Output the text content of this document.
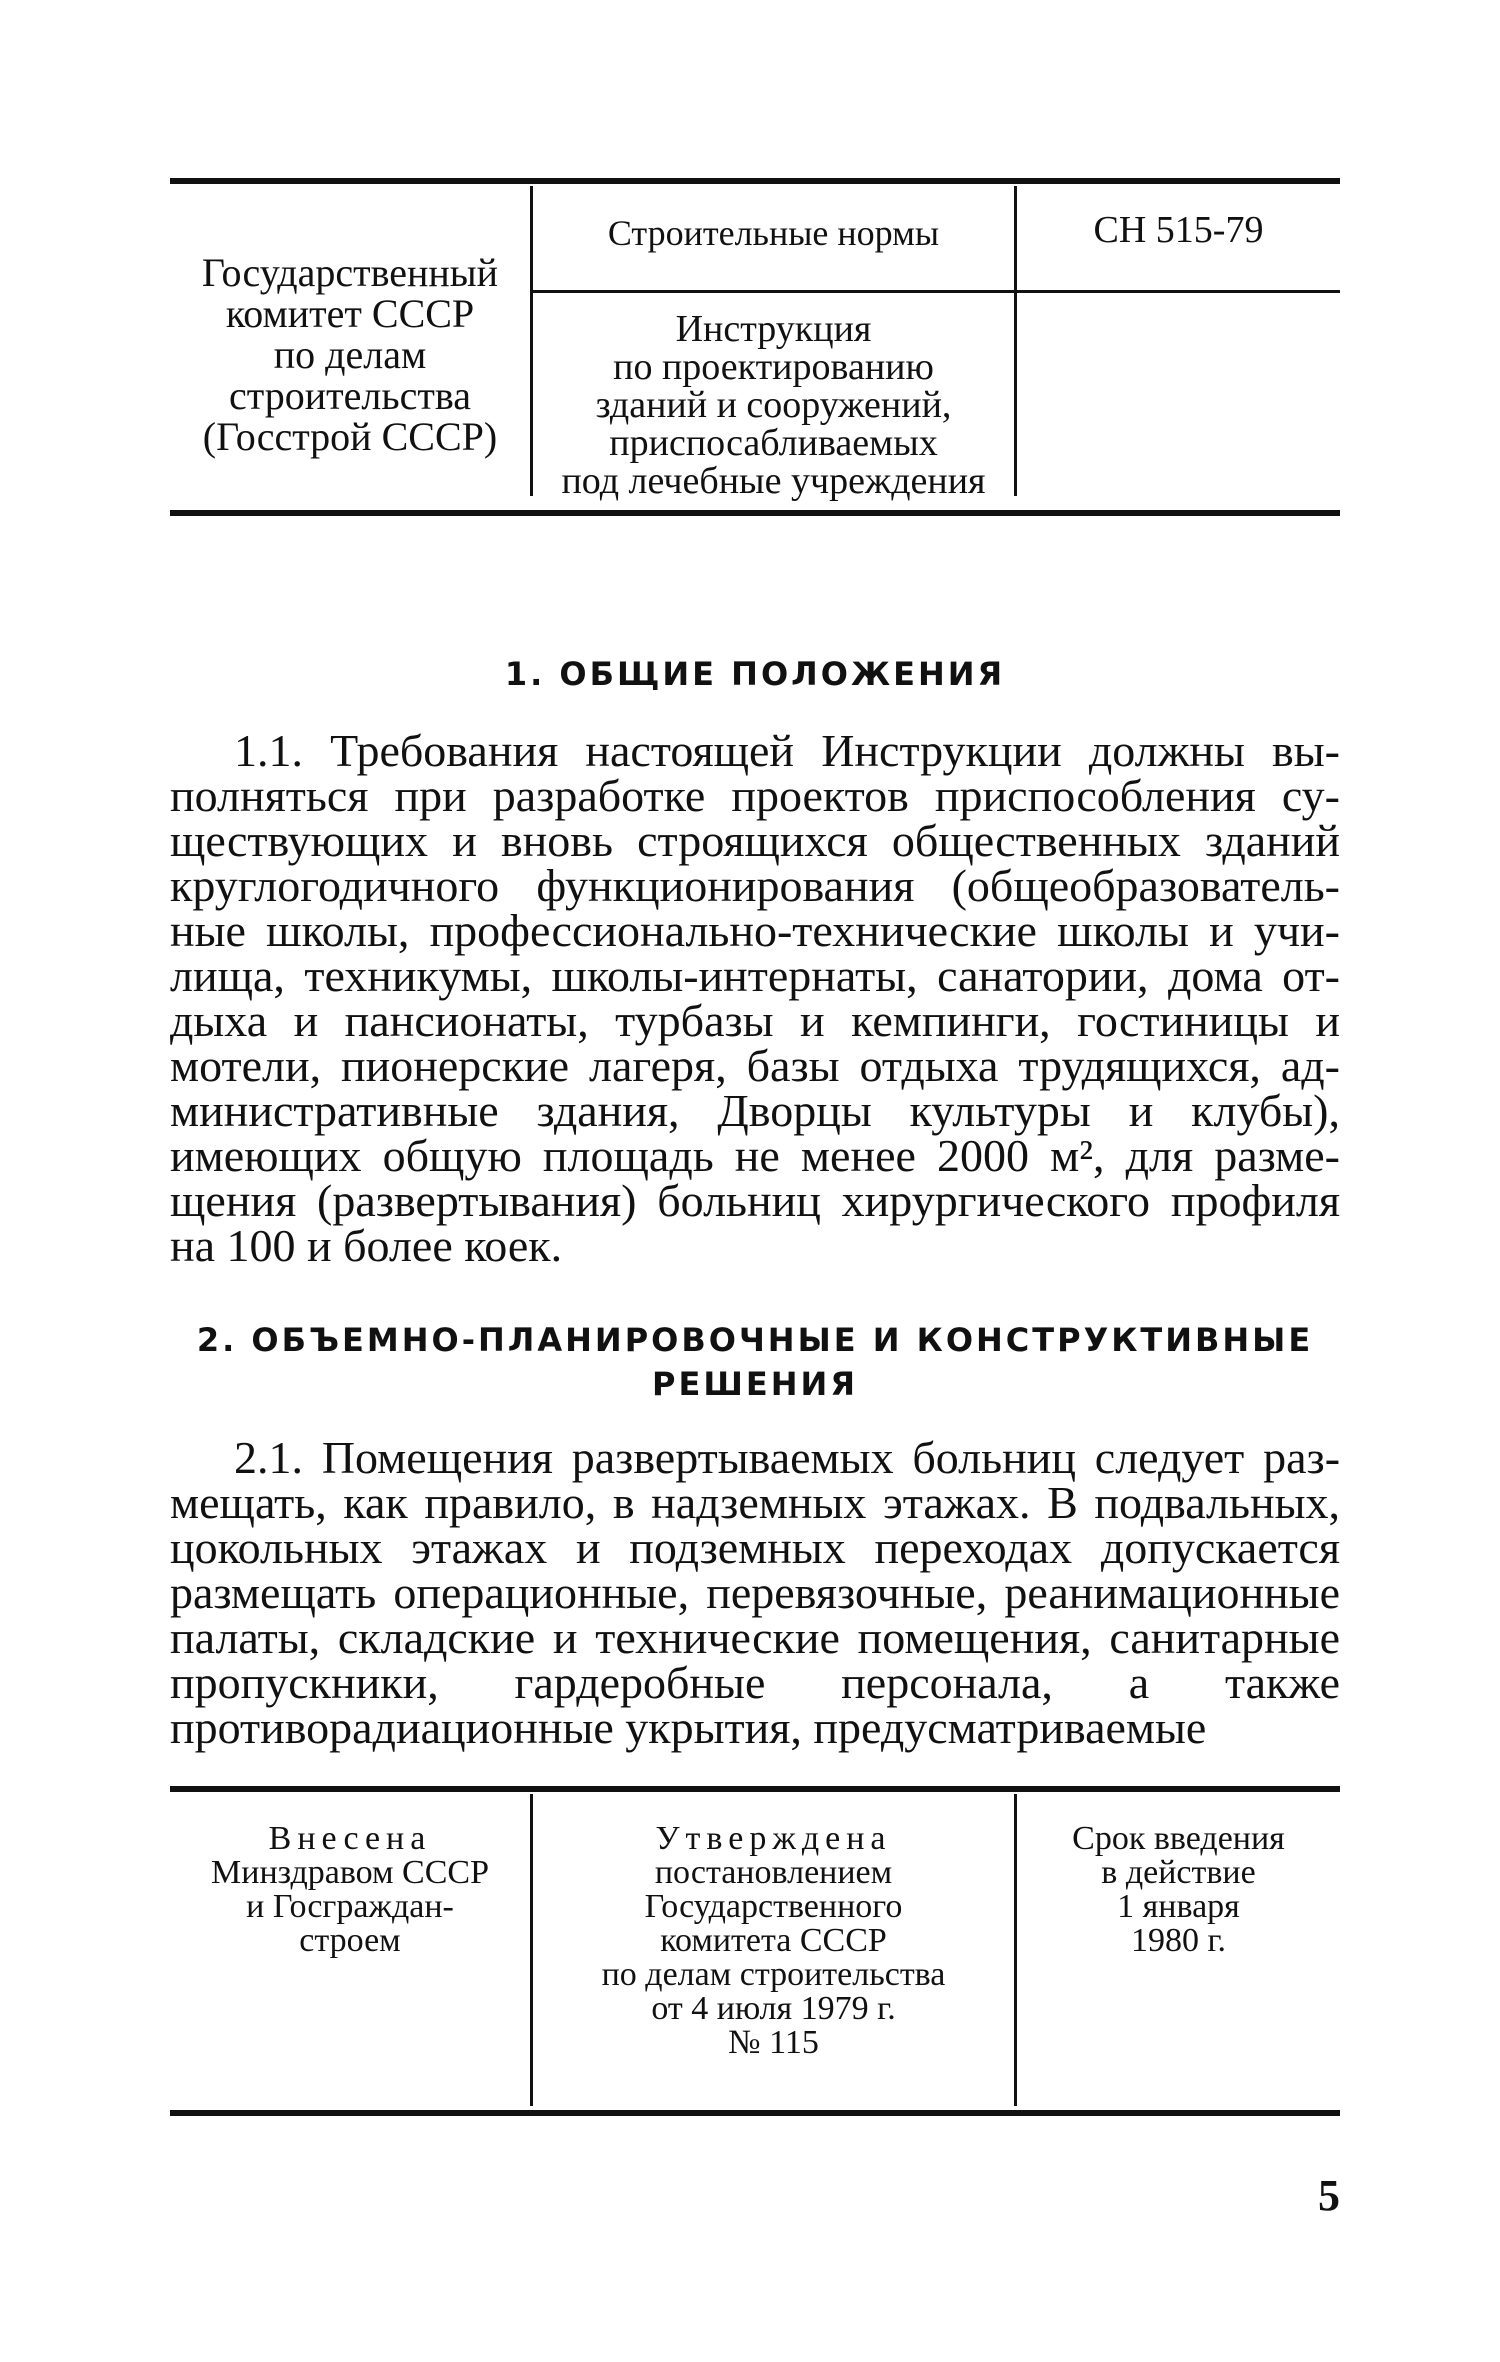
Государственный
комитет СССР
по делам
строительства
(Госстрой СССР)
Строительные нормы	СН 515-79
Инструкция
по проектированию
зданий и сооружений,
приспосабливаемых
под лечебные учреждения
1. ОБЩИЕ ПОЛОЖЕНИЯ

1.1. Требования настоящей Инструкции должны выполняться при разработке проектов приспособления существующих и вновь строящихся общественных зданий круглогодичного функционирования (общеобразовательные школы, профессионально-технические школы и училища, техникумы, школы-интернаты, санатории, дома отдыха и пансионаты, турбазы и кемпинги, гостиницы и мотели, пионерские лагеря, базы отдыха трудящихся, административные здания, Дворцы культуры и клубы), имеющих общую площадь не менее 2000 м², для размещения (развертывания) больниц хирургического профиля на 100 и более коек.

2. ОБЪЕМНО-ПЛАНИРОВОЧНЫЕ И КОНСТРУКТИВНЫЕ
РЕШЕНИЯ

2.1. Помещения развертываемых больниц следует размещать, как правило, в надземных этажах. В подвальных, цокольных этажах и подземных переходах допускается размещать операционные, перевязочные, реанимационные палаты, складские и технические помещения, санитарные пропускники, гардеробные персонала, а также противорадиационные укрытия, предусматриваемые

Внесена
Минздравом СССР
и Госграждан-
строем
Утверждена
постановлением
Государственного
комитета СССР
по делам строительства
от 4 июля 1979 г.
№ 115
Срок введения
в действие
1 января
1980 г.
5
